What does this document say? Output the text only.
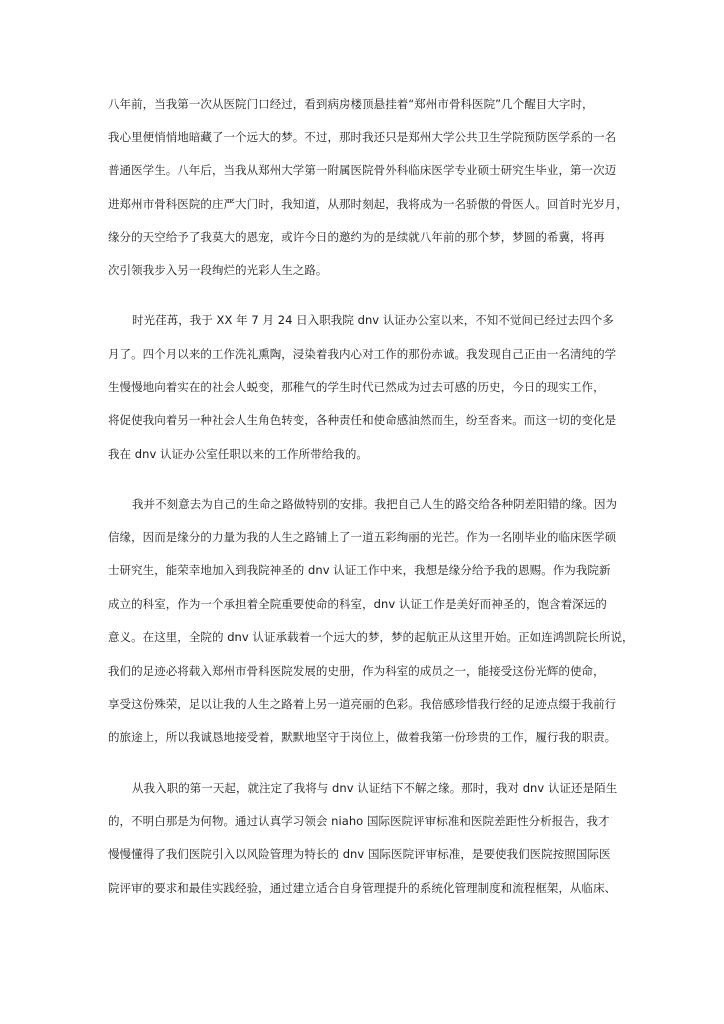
八年前，当我第一次从医院门口经过，看到病房楼顶悬挂着“郑州市骨科医院”几个醒目大字时，
我心里便悄悄地暗藏了一个远大的梦。不过，那时我还只是郑州大学公共卫生学院预防医学系的一名
普通医学生。八年后，当我从郑州大学第一附属医院骨外科临床医学专业硕士研究生毕业，第一次迈
进郑州市骨科医院的庄严大门时，我知道，从那时刻起，我将成为一名骄傲的骨医人。回首时光岁月，
缘分的天空给予了我莫大的恩宠，或许今日的邀约为的是续就八年前的那个梦，梦圆的希冀，将再
次引领我步入另一段绚烂的光彩人生之路。
时光荏苒，我于 XX 年 7 月 24 日入职我院 dnv 认证办公室以来，不知不觉间已经过去四个多
月了。四个月以来的工作洗礼熏陶，浸染着我内心对工作的那份赤诚。我发现自己正由一名清纯的学
生慢慢地向着实在的社会人蜕变，那稚气的学生时代已然成为过去可感的历史，今日的现实工作，
将促使我向着另一种社会人生角色转变，各种责任和使命感油然而生，纷至沓来。而这一切的变化是
我在 dnv 认证办公室任职以来的工作所带给我的。
我并不刻意去为自己的生命之路做特别的安排。我把自己人生的路交给各种阴差阳错的缘。因为
信缘，因而是缘分的力量为我的人生之路铺上了一道五彩绚丽的光芒。作为一名刚毕业的临床医学硕
士研究生，能荣幸地加入到我院神圣的 dnv 认证工作中来，我想是缘分给予我的恩赐。作为我院新
成立的科室，作为一个承担着全院重要使命的科室，dnv 认证工作是美好而神圣的，饱含着深远的
意义。在这里，全院的 dnv 认证承载着一个远大的梦，梦的起航正从这里开始。正如连鸿凯院长所说，
我们的足迹必将载入郑州市骨科医院发展的史册，作为科室的成员之一，能接受这份光辉的使命，
享受这份殊荣，足以让我的人生之路着上另一道亮丽的色彩。我倍感珍惜我行经的足迹点缀于我前行
的旅途上，所以我诚恳地接受着，默默地坚守于岗位上，做着我第一份珍贵的工作，履行我的职责。
从我入职的第一天起，就注定了我将与 dnv 认证结下不解之缘。那时，我对 dnv 认证还是陌生
的，不明白那是为何物。通过认真学习领会 niaho 国际医院评审标准和医院差距性分析报告，我才
慢慢懂得了我们医院引入以风险管理为特长的 dnv 国际医院评审标准，是要使我们医院按照国际医
院评审的要求和最佳实践经验，通过建立适合自身管理提升的系统化管理制度和流程框架，从临床、
